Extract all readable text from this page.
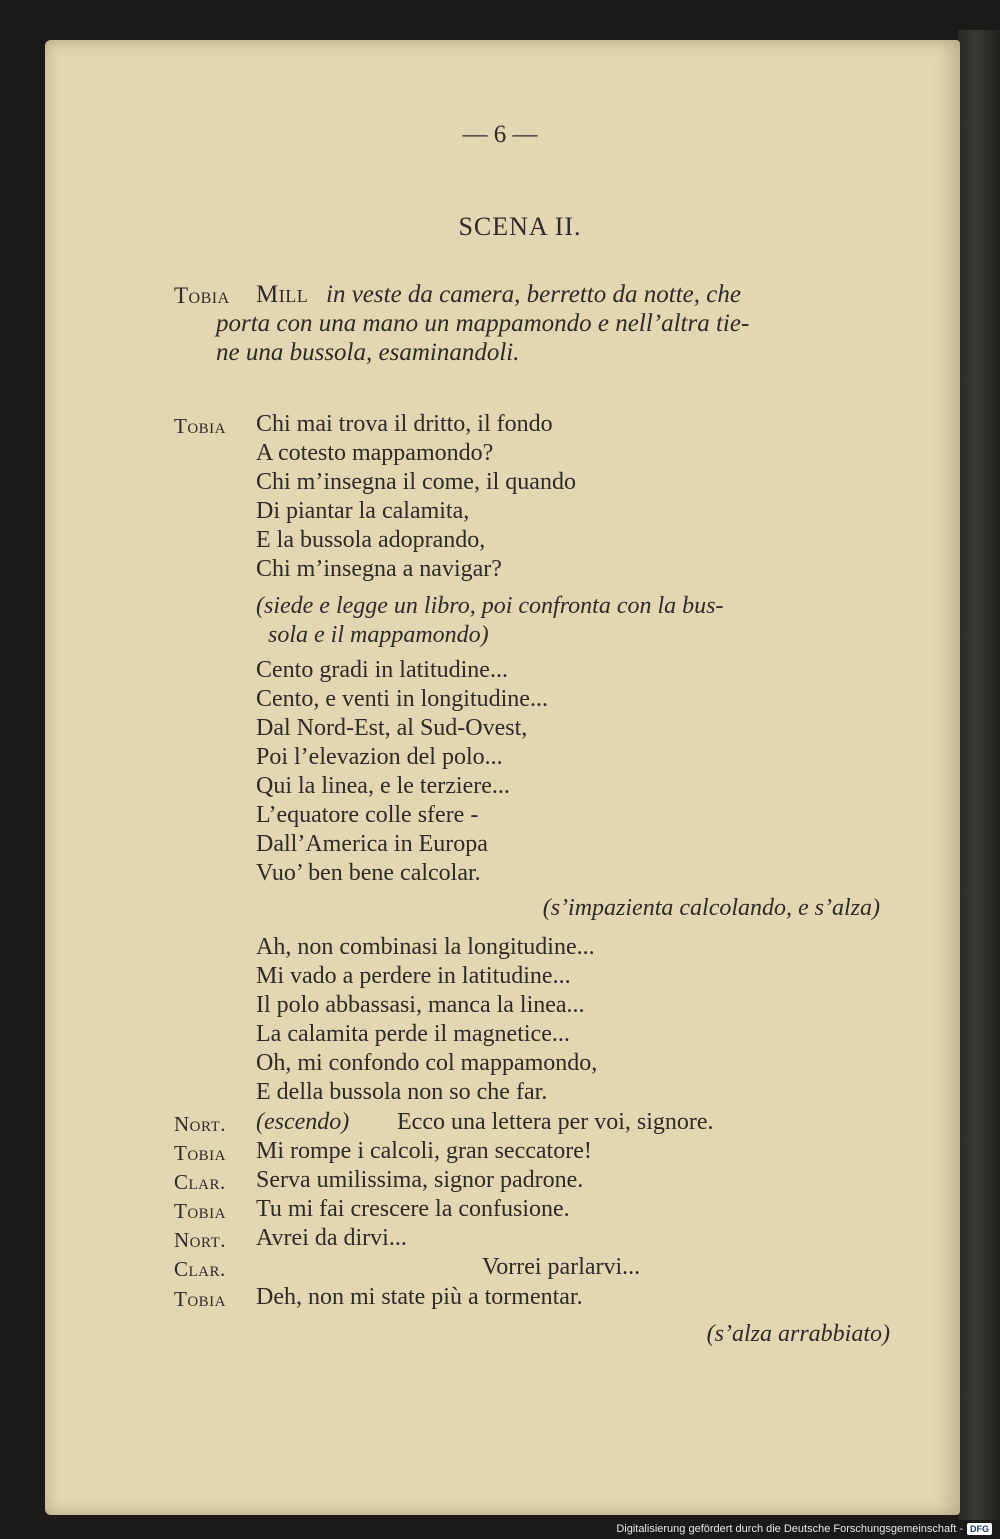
— 6 —
SCENA II.
Tobia Mill in veste da camera, berretto da notte, che
porta con una mano un mappamondo e nell’altra tie-
ne una bussola, esaminandoli.
Tobia Chi mai trova il dritto, il fondo
A cotesto mappamondo?
Chi m’insegna il come, il quando
Di piantar la calamita,
E la bussola adoprando,
Chi m’insegna a navigar?
(siede e legge un libro, poi confronta con la bus-
sola e il mappamondo)
Cento gradi in latitudine...
Cento, e venti in longitudine...
Dal Nord-Est, al Sud-Ovest,
Poi l’elevazion del polo...
Qui la linea, e le terziere...
L’equatore colle sfere -
Dall’America in Europa
Vuo’ ben bene calcolar.
(s’impazienta calcolando, e s’alza)
Ah, non combinasi la longitudine...
Mi vado a perdere in latitudine...
Il polo abbassasi, manca la linea...
La calamita perde il magnetice...
Oh, mi confondo col mappamondo,
E della bussola non so che far.
Nort. (escendo) Ecco una lettera per voi, signore.
Tobia Mi rompe i calcoli, gran seccatore!
Clar. Serva umilissima, signor padrone.
Tobia Tu mi fai crescere la confusione.
Nort. Avrei da dirvi...
Clar.	Vorrei parlarvi...
Tobia Deh, non mi state più a tormentar.
(s’alza arrabbiato)
Digitalisierung gefördert durch die Deutsche Forschungsgemeinschaft - DFG
